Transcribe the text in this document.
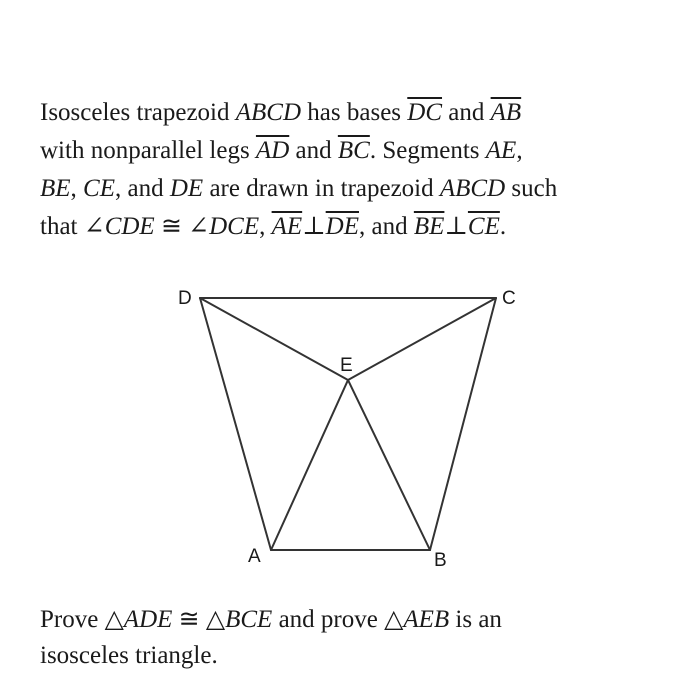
Isosceles trapezoid ABCD has bases $\overline{DC}$ and $\overline{AB}$
with nonparallel legs $\overline{AD}$ and $\overline{BC}$. Segments AE,
BE, CE, and DE are drawn in trapezoid ABCD such
that ∠CDE ≅ ∠DCE, $\overline{AE}\perp\overline{DE}$, and $\overline{BE}\perp\overline{CE}$.
D	C
E
A	B
Prove △ADE ≅ △BCE and prove △AEB is an
isosceles triangle.
